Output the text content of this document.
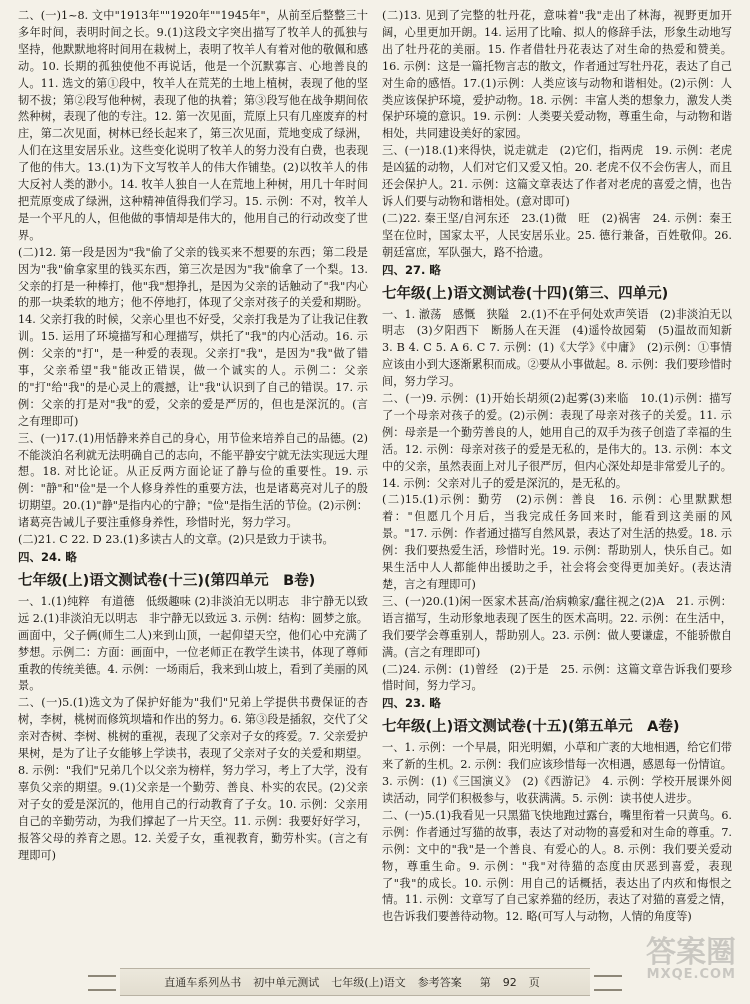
二、(一)1~8. 文中"1913年""1920年""1945年"，从前至后整整三十多年时间，表明时间之长。9.(1)这段文字突出描写了牧羊人的孤独与坚持，他默默地将时间用在栽树上，表明了牧羊人有着对他的敬佩和感动。10. 长期的孤独使他不再说话，他是一个沉默寡言、心地善良的人。11. 选文的第①段中，牧羊人在荒芜的土地上植树，表现了他的坚韧不拔；第②段写他种树，表现了他的执着；第③段写他在战争期间依然种树，表现了他的专注。12. 第一次见面，荒原上只有几座废弃的村庄，第二次见面，树林已经长起来了，第三次见面，荒地变成了绿洲，人们在这里安居乐业。这些变化说明了牧羊人的努力没有白费，也表现了他的伟大。13.(1)为下文写牧羊人的伟大作铺垫。(2)以牧羊人的伟大反衬人类的渺小。14. 牧羊人独自一人在荒地上种树，用几十年时间把荒原变成了绿洲，这种精神值得我们学习。15. 示例：不对，牧羊人是一个平凡的人，但他做的事情却是伟大的，他用自己的行动改变了世界。

(二)12. 第一段是因为"我"偷了父亲的钱买来不想要的东西；第二段是因为"我"偷拿家里的钱买东西，第三次是因为"我"偷拿了一个梨。13. 父亲的打是一种棒打，他"我"想挣扎，是因为父亲的话触动了"我"内心的那一块柔软的地方；他不停地打，体现了父亲对孩子的关爱和期盼。14. 父亲打我的时候，父亲心里也不好受，父亲打我是为了让我记住教训。15. 运用了环境描写和心理描写，烘托了"我"的内心活动。16. 示例：父亲的"打"，是一种爱的表现。父亲打"我"，是因为"我"做了错事，父亲希望"我"能改正错误，做一个诚实的人。示例二：父亲的"打"给"我"的是心灵上的震撼，让"我"认识到了自己的错误。17. 示例：父亲的打是对"我"的爱，父亲的爱是严厉的，但也是深沉的。(言之有理即可)

三、(一)17.(1)用恬静来养自己的身心，用节俭来培养自己的品德。(2)不能淡泊名利就无法明确自己的志向，不能平静安宁就无法实现远大理想。18. 对比论证。从正反两方面论证了静与俭的重要性。19. 示例："静"和"俭"是一个人修身养性的重要方法，也是诸葛亮对儿子的殷切期望。20.(1)"静"是指内心的宁静；"俭"是指生活的节俭。(2)示例：诸葛亮告诫儿子要注重修身养性，珍惜时光，努力学习。

(二)21. C 22. D 23.(1)多读古人的文章。(2)只是致力于读书。

四、24. 略

七年级(上)语文测试卷(十三)(第四单元　B卷)

一、1.(1)纯粹　有道德　低级趣味 (2)非淡泊无以明志　非宁静无以致远 2.(1)非淡泊无以明志　非宁静无以致远 3. 示例：结构：圆梦之旅。画面中，父子俩(师生二人)来到山顶，一起仰望天空，他们心中充满了梦想。示例二：方面：画面中，一位老师正在教学生读书，体现了尊师重教的传统美德。4. 示例：一场雨后，我来到山坡上，看到了美丽的风景。

二、(一)5.(1)选文为了保护好能为"我们"兄弟上学提供书费保证的杏树，李树，桃树而修筑坝墙和作出的努力。6. 第③段是插叙，交代了父亲对杏树、李树、桃树的重视，表现了父亲对子女的疼爱。7. 父亲爱护果树，是为了让子女能够上学读书，表现了父亲对子女的关爱和期望。8. 示例："我们"兄弟几个以父亲为榜样，努力学习，考上了大学，没有辜负父亲的期望。9.(1)父亲是一个勤劳、善良、朴实的农民。(2)父亲对子女的爱是深沉的，他用自己的行动教育了子女。10. 示例：父亲用自己的辛勤劳动，为我们撑起了一片天空。11. 示例：我要好好学习，报答父母的养育之恩。12. 关爱子女，重视教育，勤劳朴实。(言之有理即可)

(二)13. 见到了完整的牡丹花，意味着"我"走出了林海，视野更加开阔，心里更加开朗。14. 运用了比喻、拟人的修辞手法，形象生动地写出了牡丹花的美丽。15. 作者借牡丹花表达了对生命的热爱和赞美。16. 示例：这是一篇托物言志的散文，作者通过写牡丹花，表达了自己对生命的感悟。17.(1)示例：人类应该与动物和谐相处。(2)示例：人类应该保护环境，爱护动物。18. 示例：丰富人类的想象力，激发人类保护环境的意识。19. 示例：人类要关爱动物，尊重生命，与动物和谐相处，共同建设美好的家园。

三、(一)18.(1)来得快，说走就走　(2)它们，指两虎　19. 示例：老虎是凶猛的动物，人们对它们又爱又怕。20. 老虎不仅不会伤害人，而且还会保护人。21. 示例：这篇文章表达了作者对老虎的喜爱之情，也告诉人们要与动物和谐相处。(意对即可)

(二)22. 秦王坚/自河东还　23.(1)微　旺　(2)祸害　24. 示例：秦王坚在位时，国家太平，人民安居乐业。25. 德行兼备，百姓敬仰。26. 朝廷富庶，军队强大，路不拾遗。

四、27. 略

七年级(上)语文测试卷(十四)(第三、四单元)

一、1. 澈荡　感慨　狭隘　2.(1)不在乎何处欢声笑语　(2)非淡泊无以明志　(3)夕阳西下　断肠人在天涯　(4)遥怜故园菊　(5)温故而知新　3. B 4. C 5. A 6. C 7. 示例：(1)《大学》《中庸》　(2)示例：①事情应该由小到大逐渐累积而成。②要从小事做起。8. 示例：我们要珍惜时间，努力学习。

二、(一)9. 示例：(1)开始长胡须(2)起雾(3)来临　10.(1)示例：描写了一个母亲对孩子的爱。(2)示例：表现了母亲对孩子的关爱。11. 示例：母亲是一个勤劳善良的人，她用自己的双手为孩子创造了幸福的生活。12. 示例：母亲对孩子的爱是无私的，是伟大的。13. 示例：本文中的父亲，虽然表面上对儿子很严厉，但内心深处却是非常爱儿子的。14. 示例：父亲对儿子的爱是深沉的，是无私的。

(二)15.(1)示例：勤劳　(2)示例：善良　16. 示例：心里默默想着："但愿几个月后，当我完成任务回来时，能看到这美丽的风景。"17. 示例：作者通过描写自然风景，表达了对生活的热爱。18. 示例：我们要热爱生活，珍惜时光。19. 示例：帮助别人，快乐自己。如果生活中人人都能伸出援助之手，社会将会变得更加美好。(表达清楚，言之有理即可)

三、(一)20.(1)闲一医家术甚高/治病赖家/蠢往视之(2)A　21. 示例：语言描写，生动形象地表现了医生的医术高明。22. 示例：在生活中，我们要学会尊重别人，帮助别人。23. 示例：做人要谦虚，不能骄傲自满。(言之有理即可)

(二)24. 示例：(1)曾经　(2)于是　25. 示例：这篇文章告诉我们要珍惜时间，努力学习。

四、23. 略

七年级(上)语文测试卷(十五)(第五单元　A卷)

一、1. 示例：一个早晨，阳光明媚，小草和广袤的大地相遇，给它们带来了新的生机。2. 示例：我们应该珍惜每一次相遇，感恩每一份情谊。3. 示例：(1)《三国演义》　(2)《西游记》　4. 示例：学校开展课外阅读活动，同学们积极参与，收获满满。5. 示例：读书使人进步。

二、(一)5.(1)我看见一只黑猫飞快地跑过露台，嘴里衔着一只黄鸟。6. 示例：作者通过写猫的故事，表达了对动物的喜爱和对生命的尊重。7. 示例：文中的"我"是一个善良、有爱心的人。8. 示例：我们要关爱动物，尊重生命。9. 示例："我"对待猫的态度由厌恶到喜爱，表现了"我"的成长。10. 示例：用自己的话概括，表达出了内疚和悔恨之情。11. 示例：文章写了自己家养猫的经历，表达了对猫的喜爱之情，也告诉我们要善待动物。12. 略(可写人与动物，人情的角度等)

直通车系列丛书 初中单元测试 七年级(上)语文 参考答案	第 92 页
答案圈
MXQE.COM
